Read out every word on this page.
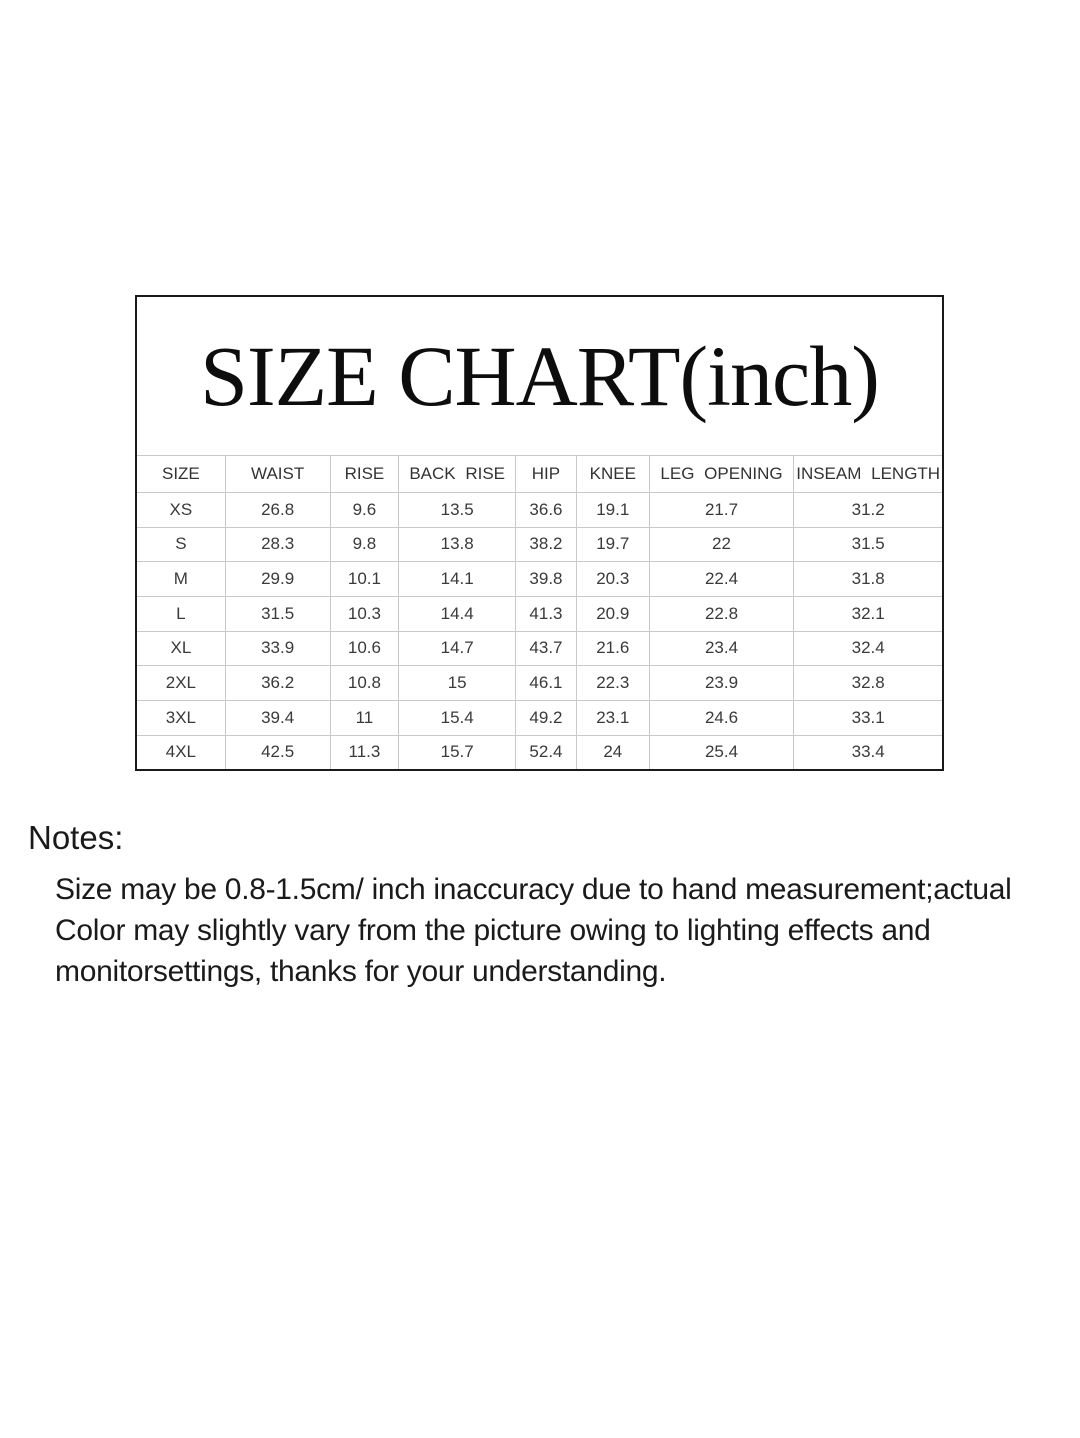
SIZE CHART(inch)
SIZE	WAIST	RISE	BACK RISE	HIP	KNEE	LEG OPENING	INSEAM LENGTH
XS	26.8	9.6	13.5	36.6	19.1	21.7	31.2
S	28.3	9.8	13.8	38.2	19.7	22	31.5
M	29.9	10.1	14.1	39.8	20.3	22.4	31.8
L	31.5	10.3	14.4	41.3	20.9	22.8	32.1
XL	33.9	10.6	14.7	43.7	21.6	23.4	32.4
2XL	36.2	10.8	15	46.1	22.3	23.9	32.8
3XL	39.4	11	15.4	49.2	23.1	24.6	33.1
4XL	42.5	11.3	15.7	52.4	24	25.4	33.4
Notes:
Size may be 0.8-1.5cm/ inch inaccuracy due to hand measurement;actual
Color may slightly vary from the picture owing to lighting effects and
monitorsettings, thanks for your understanding.
